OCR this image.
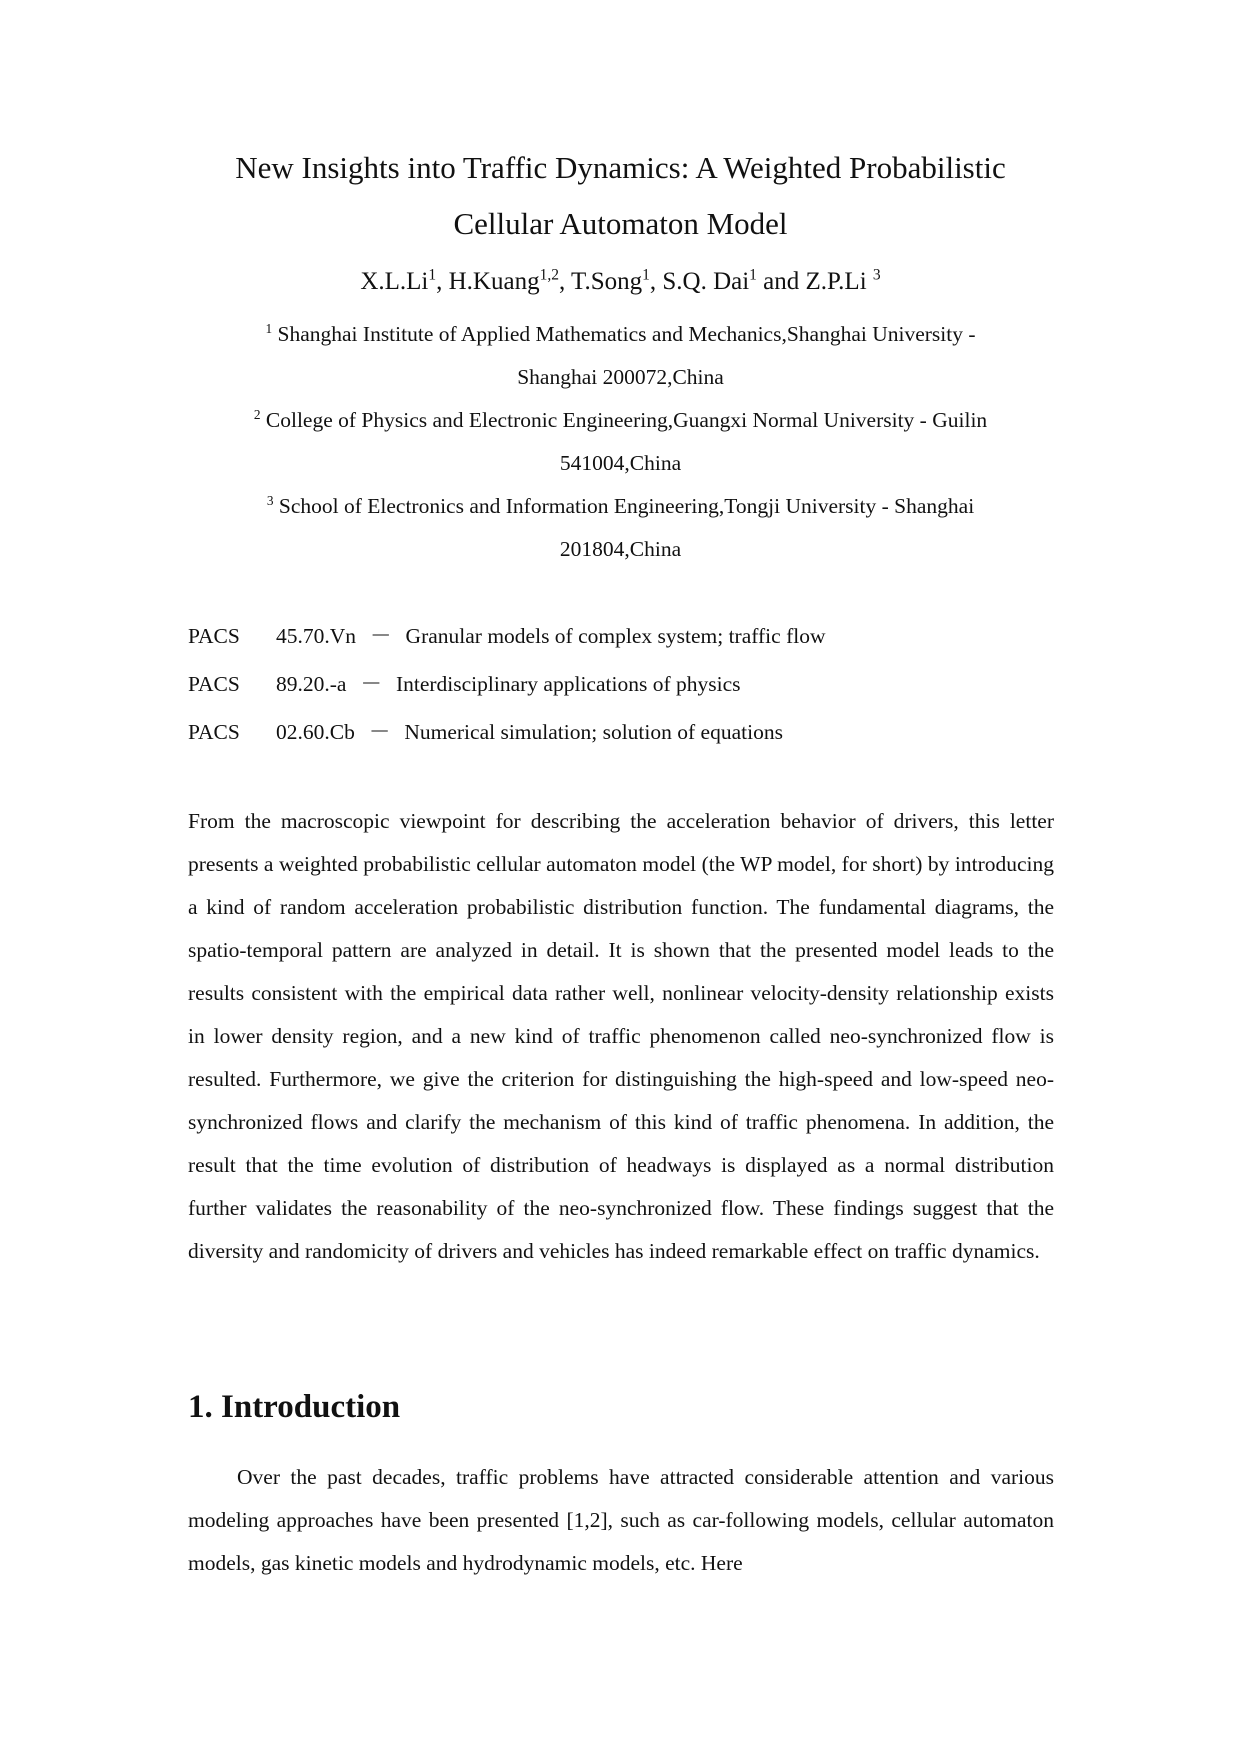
New Insights into Traffic Dynamics: A Weighted Probabilistic
Cellular Automaton Model
X.L.Li$^1$, H.Kuang$^{1,2}$, T.Song$^1$, S.Q. Dai$^1$ and Z.P.Li $^3$
$^1$ Shanghai Institute of Applied Mathematics and Mechanics,Shanghai University -
Shanghai 200072,China
$^2$ College of Physics and Electronic Engineering,Guangxi Normal University - Guilin
541004,China
$^3$ School of Electronics and Information Engineering,Tongji University - Shanghai
201804,China
PACS 45.70.Vn － Granular models of complex system; traffic flow
PACS 89.20.-a － Interdisciplinary applications of physics
PACS 02.60.Cb － Numerical simulation; solution of equations

From the macroscopic viewpoint for describing the acceleration behavior of drivers, this letter presents a weighted probabilistic cellular automaton model (the WP model, for short) by introducing a kind of random acceleration probabilistic distribution function. The fundamental diagrams, the spatio-temporal pattern are analyzed in detail. It is shown that the presented model leads to the results consistent with the empirical data rather well, nonlinear velocity-density relationship exists in lower density region, and a new kind of traffic phenomenon called neo-synchronized flow is resulted. Furthermore, we give the criterion for distinguishing the high-speed and low-speed neo-synchronized flows and clarify the mechanism of this kind of traffic phenomena. In addition, the result that the time evolution of distribution of headways is displayed as a normal distribution further validates the reasonability of the neo-synchronized flow. These findings suggest that the diversity and randomicity of drivers and vehicles has indeed remarkable effect on traffic dynamics.

1. Introduction

Over the past decades, traffic problems have attracted considerable attention and various modeling approaches have been presented [1,2], such as car-following models, cellular automaton models, gas kinetic models and hydrodynamic models, etc. Here
